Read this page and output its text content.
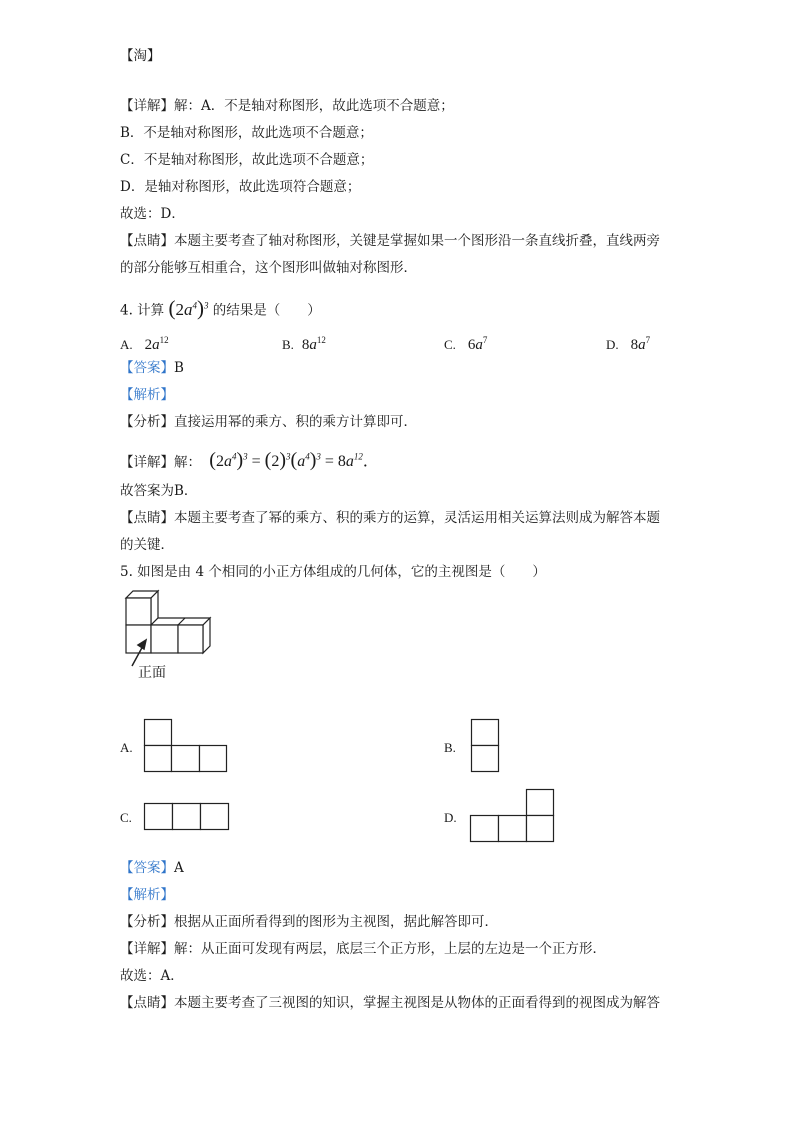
【淘】
【详解】解：A．不是轴对称图形，故此选项不合题意；
B．不是轴对称图形，故此选项不合题意；
C．不是轴对称图形，故此选项不合题意；
D．是轴对称图形，故此选项符合题意；
故选：D．
【点睛】本题主要考查了轴对称图形，关键是掌握如果一个图形沿一条直线折叠，直线两旁
的部分能够互相重合，这个图形叫做轴对称图形．
4. 计算 $(2a^4)^3$ 的结果是（　　）
A. $2a^{12}$	B. $8a^{12}$	C. $6a^7$	D. $8a^7$
【答案】B
【解析】
【分析】直接运用幂的乘方、积的乘方计算即可．
【详解】解： $(2a^4)^3 = (2)^3(a^4)^3 = 8a^{12}$．
故答案为B．
【点睛】本题主要考查了幂的乘方、积的乘方的运算，灵活运用相关运算法则成为解答本题
的关键．
5. 如图是由 4 个相同的小正方体组成的几何体，它的主视图是（　　）
正面
A.	B.
C.	D.
【答案】A
【解析】
【分析】根据从正面所看得到的图形为主视图，据此解答即可．
【详解】解：从正面可发现有两层，底层三个正方形，上层的左边是一个正方形．
故选：A．
【点睛】本题主要考查了三视图的知识，掌握主视图是从物体的正面看得到的视图成为解答
